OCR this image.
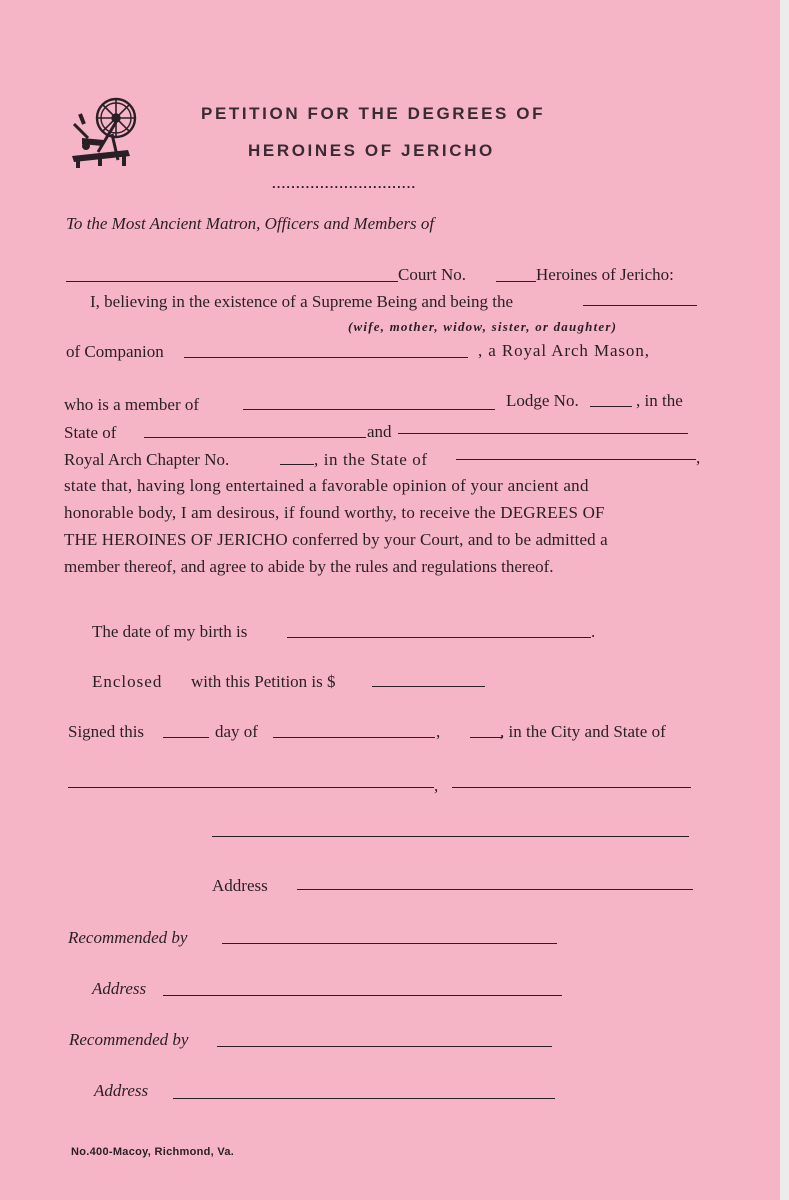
PETITION FOR THE DEGREES OF
HEROINES OF JERICHO
..............................
To the Most Ancient Matron, Officers and Members of
Court No.	Heroines of Jericho:
I, believing in the existence of a Supreme Being and being the
(wife, mother, widow, sister, or daughter)
of Companion	, a Royal Arch Mason,
who is a member of	Lodge No.	, in the
State of	and
Royal Arch Chapter No.	, in the State of	,
state that, having long entertained a favorable opinion of your ancient and
honorable body, I am desirous, if found worthy, to receive the DEGREES OF
THE HEROINES OF JERICHO conferred by your Court, and to be admitted a
member thereof, and agree to abide by the rules and regulations thereof.
The date of my birth is	.
Enclosed with this Petition is $
Signed this	day of	,	, in the City and State of
,
Address
Recommended by
Address
Recommended by
Address
No.400-Macoy, Richmond, Va.
